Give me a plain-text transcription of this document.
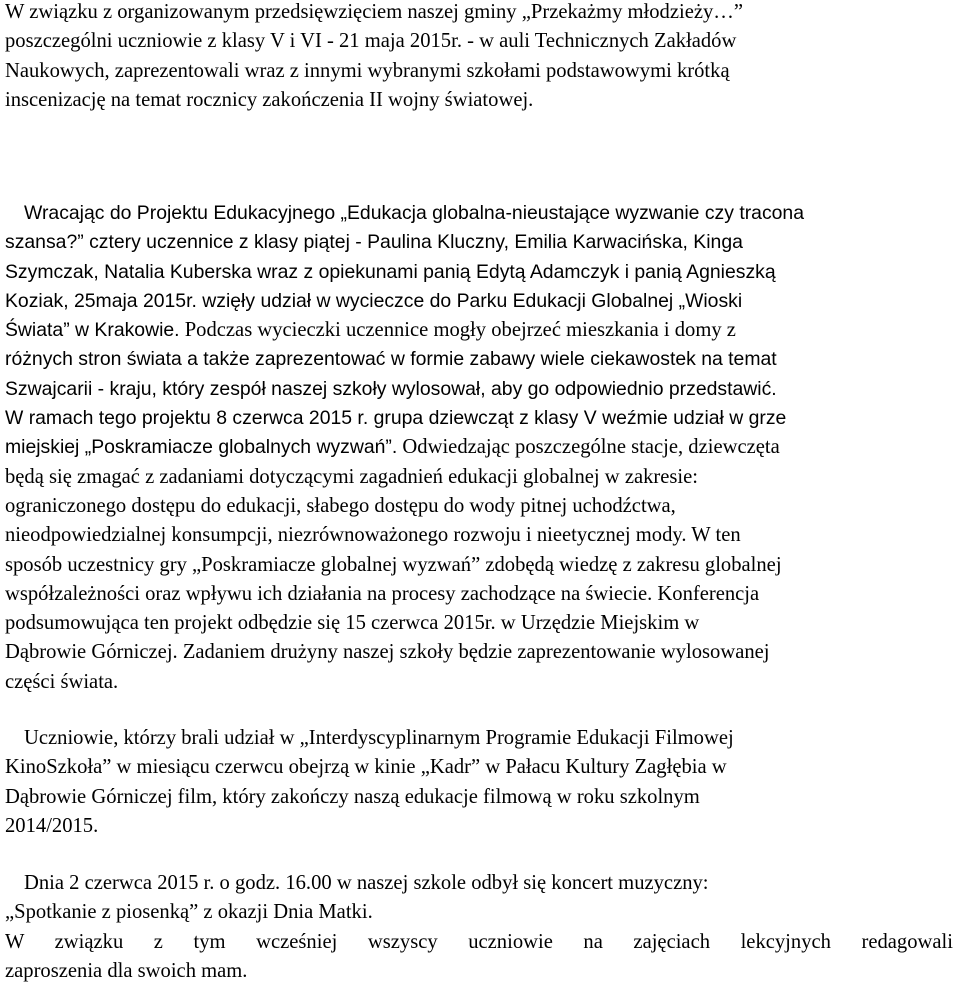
W związku z organizowanym przedsięwzięciem naszej gminy „Przekażmy młodzieży…”
poszczególni uczniowie z klasy V i VI - 21 maja 2015r. - w auli Technicznych Zakładów
Naukowych, zaprezentowali wraz z innymi wybranymi szkołami podstawowymi krótką
inscenizację na temat rocznicy zakończenia II wojny światowej.
Wracając do Projektu Edukacyjnego „Edukacja globalna-nieustające wyzwanie czy tracona
szansa?” cztery uczennice z klasy piątej - Paulina Kluczny, Emilia Karwacińska, Kinga
Szymczak, Natalia Kuberska wraz z opiekunami panią Edytą Adamczyk i panią Agnieszką
Koziak, 25maja 2015r. wzięły udział w wycieczce do Parku Edukacji Globalnej „Wioski
Świata” w Krakowie. Podczas wycieczki uczennice mogły obejrzeć mieszkania i domy z
różnych stron świata a także zaprezentować w formie zabawy wiele ciekawostek na temat
Szwajcarii - kraju, który zespół naszej szkoły wylosował, aby go odpowiednio przedstawić.
W ramach tego projektu 8 czerwca 2015 r. grupa dziewcząt z klasy V weźmie udział w grze
miejskiej „Poskramiacze globalnych wyzwań”. Odwiedzając poszczególne stacje, dziewczęta
będą się zmagać z zadaniami dotyczącymi zagadnień edukacji globalnej w zakresie:
ograniczonego dostępu do edukacji, słabego dostępu do wody pitnej uchodźctwa,
nieodpowiedzialnej konsumpcji, niezrównoważonego rozwoju i nieetycznej mody. W ten
sposób uczestnicy gry „Poskramiacze globalnej wyzwań” zdobędą wiedzę z zakresu globalnej
współzależności oraz wpływu ich działania na procesy zachodzące na świecie. Konferencja
podsumowująca ten projekt odbędzie się 15 czerwca 2015r. w Urzędzie Miejskim w
Dąbrowie Górniczej. Zadaniem drużyny naszej szkoły będzie zaprezentowanie wylosowanej
części świata.
Uczniowie, którzy brali udział w „Interdyscyplinarnym Programie Edukacji Filmowej
KinoSzkoła” w miesiącu czerwcu obejrzą w kinie „Kadr” w Pałacu Kultury Zagłębia w
Dąbrowie Górniczej film, który zakończy naszą edukacje filmową w roku szkolnym
2014/2015.
Dnia 2 czerwca 2015 r. o godz. 16.00 w naszej szkole odbył się koncert muzyczny:
„Spotkanie z piosenką” z okazji Dnia Matki.
W związku z tym wcześniej wszyscy uczniowie na zajęciach lekcyjnych redagowali
zaproszenia dla swoich mam.
